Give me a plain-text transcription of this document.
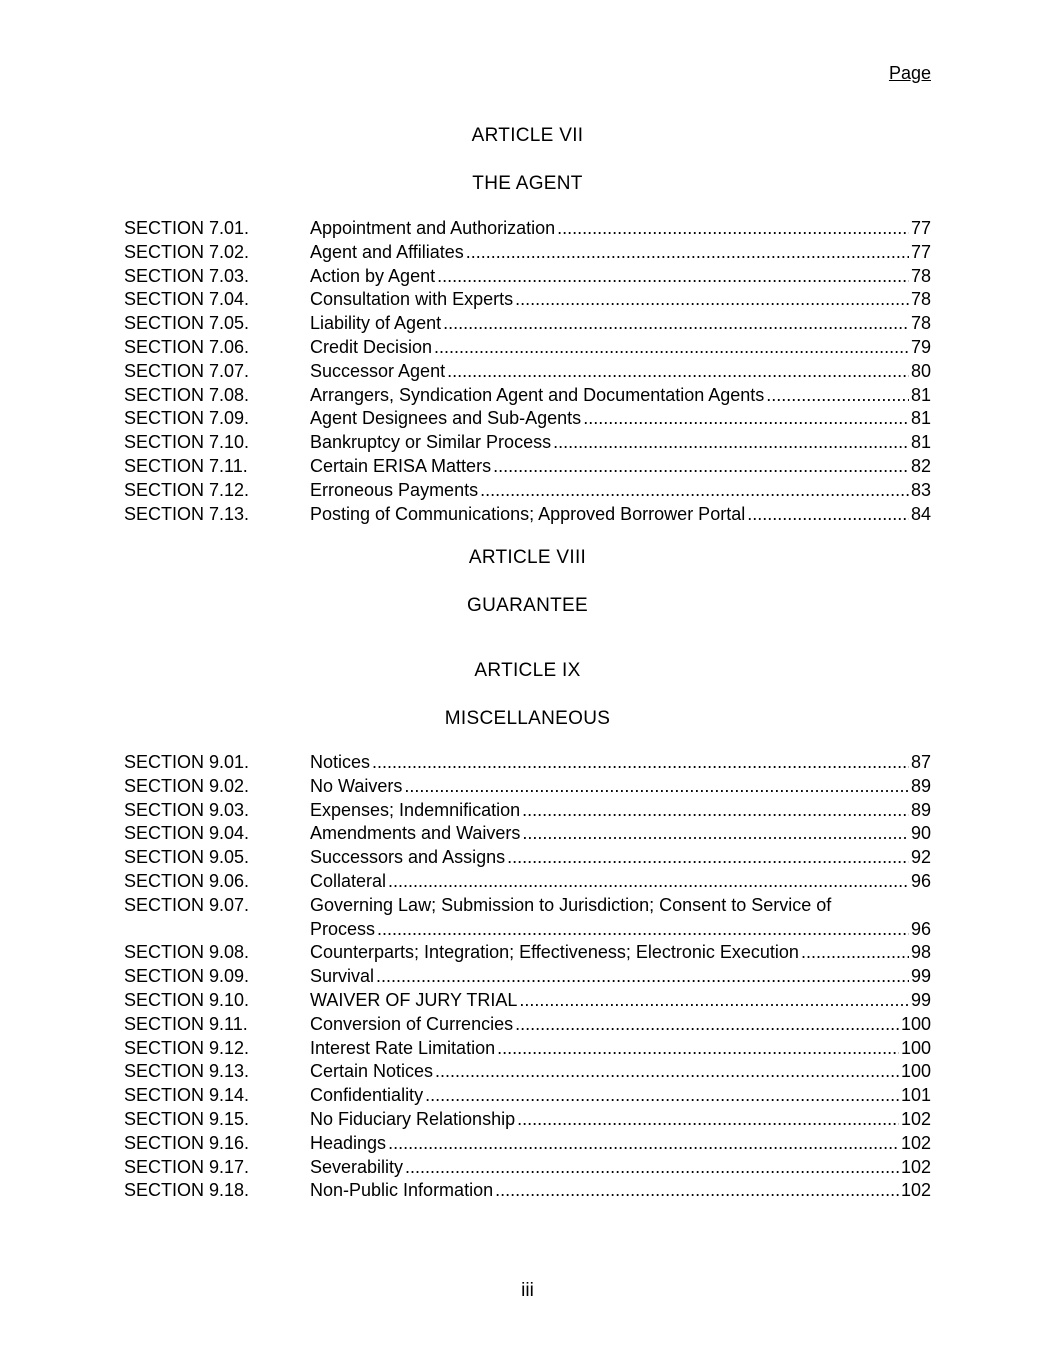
Page
ARTICLE VII
THE AGENT
SECTION 7.01.	Appointment and Authorization .....	77
SECTION 7.02.	Agent and Affiliates .....	77
SECTION 7.03.	Action by Agent .....	78
SECTION 7.04.	Consultation with Experts .....	78
SECTION 7.05.	Liability of Agent .....	78
SECTION 7.06.	Credit Decision .....	79
SECTION 7.07.	Successor Agent .....	80
SECTION 7.08.	Arrangers, Syndication Agent and Documentation Agents .....	81
SECTION 7.09.	Agent Designees and Sub-Agents .....	81
SECTION 7.10.	Bankruptcy or Similar Process .....	81
SECTION 7.11.	Certain ERISA Matters .....	82
SECTION 7.12.	Erroneous Payments .....	83
SECTION 7.13.	Posting of Communications; Approved Borrower Portal .....	84
ARTICLE VIII
GUARANTEE
ARTICLE IX
MISCELLANEOUS
SECTION 9.01.	Notices .....	87
SECTION 9.02.	No Waivers .....	89
SECTION 9.03.	Expenses; Indemnification .....	89
SECTION 9.04.	Amendments and Waivers .....	90
SECTION 9.05.	Successors and Assigns .....	92
SECTION 9.06.	Collateral .....	96
SECTION 9.07.	Governing Law; Submission to Jurisdiction; Consent to Service of
Process .....	96
SECTION 9.08.	Counterparts; Integration; Effectiveness; Electronic Execution .....	98
SECTION 9.09.	Survival .....	99
SECTION 9.10.	WAIVER OF JURY TRIAL .....	99
SECTION 9.11.	Conversion of Currencies .....	100
SECTION 9.12.	Interest Rate Limitation .....	100
SECTION 9.13.	Certain Notices .....	100
SECTION 9.14.	Confidentiality .....	101
SECTION 9.15.	No Fiduciary Relationship .....	102
SECTION 9.16.	Headings .....	102
SECTION 9.17.	Severability .....	102
SECTION 9.18.	Non-Public Information .....	102
iii
